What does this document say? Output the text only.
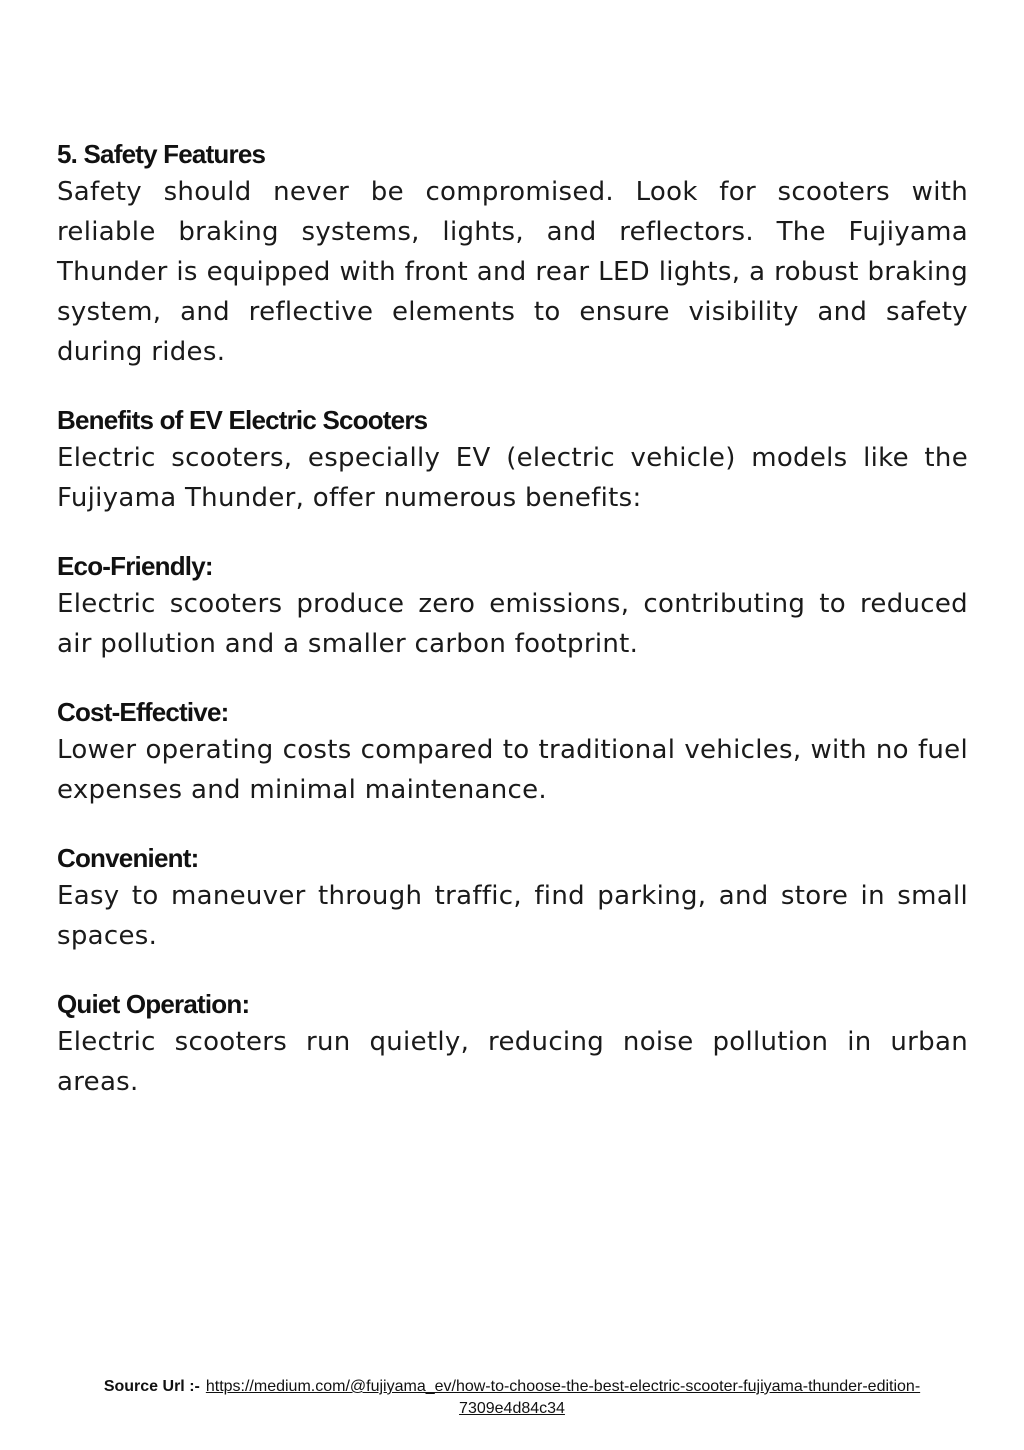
5. Safety Features

Safety should never be compromised. Look for scooters with reliable braking systems, lights, and reflectors. The Fujiyama Thunder is equipped with front and rear LED lights, a robust braking system, and reflective elements to ensure visibility and safety during rides.

Benefits of EV Electric Scooters

Electric scooters, especially EV (electric vehicle) models like the Fujiyama Thunder, offer numerous benefits:

Eco-Friendly:

Electric scooters produce zero emissions, contributing to reduced air pollution and a smaller carbon footprint.

Cost-Effective:

Lower operating costs compared to traditional vehicles, with no fuel expenses and minimal maintenance.

Convenient:

Easy to maneuver through traffic, find parking, and store in small spaces.

Quiet Operation:

Electric scooters run quietly, reducing noise pollution in urban areas.

Source Url :- https://medium.com/@fujiyama_ev/how-to-choose-the-best-electric-scooter-fujiyama-thunder-edition-7309e4d84c34
